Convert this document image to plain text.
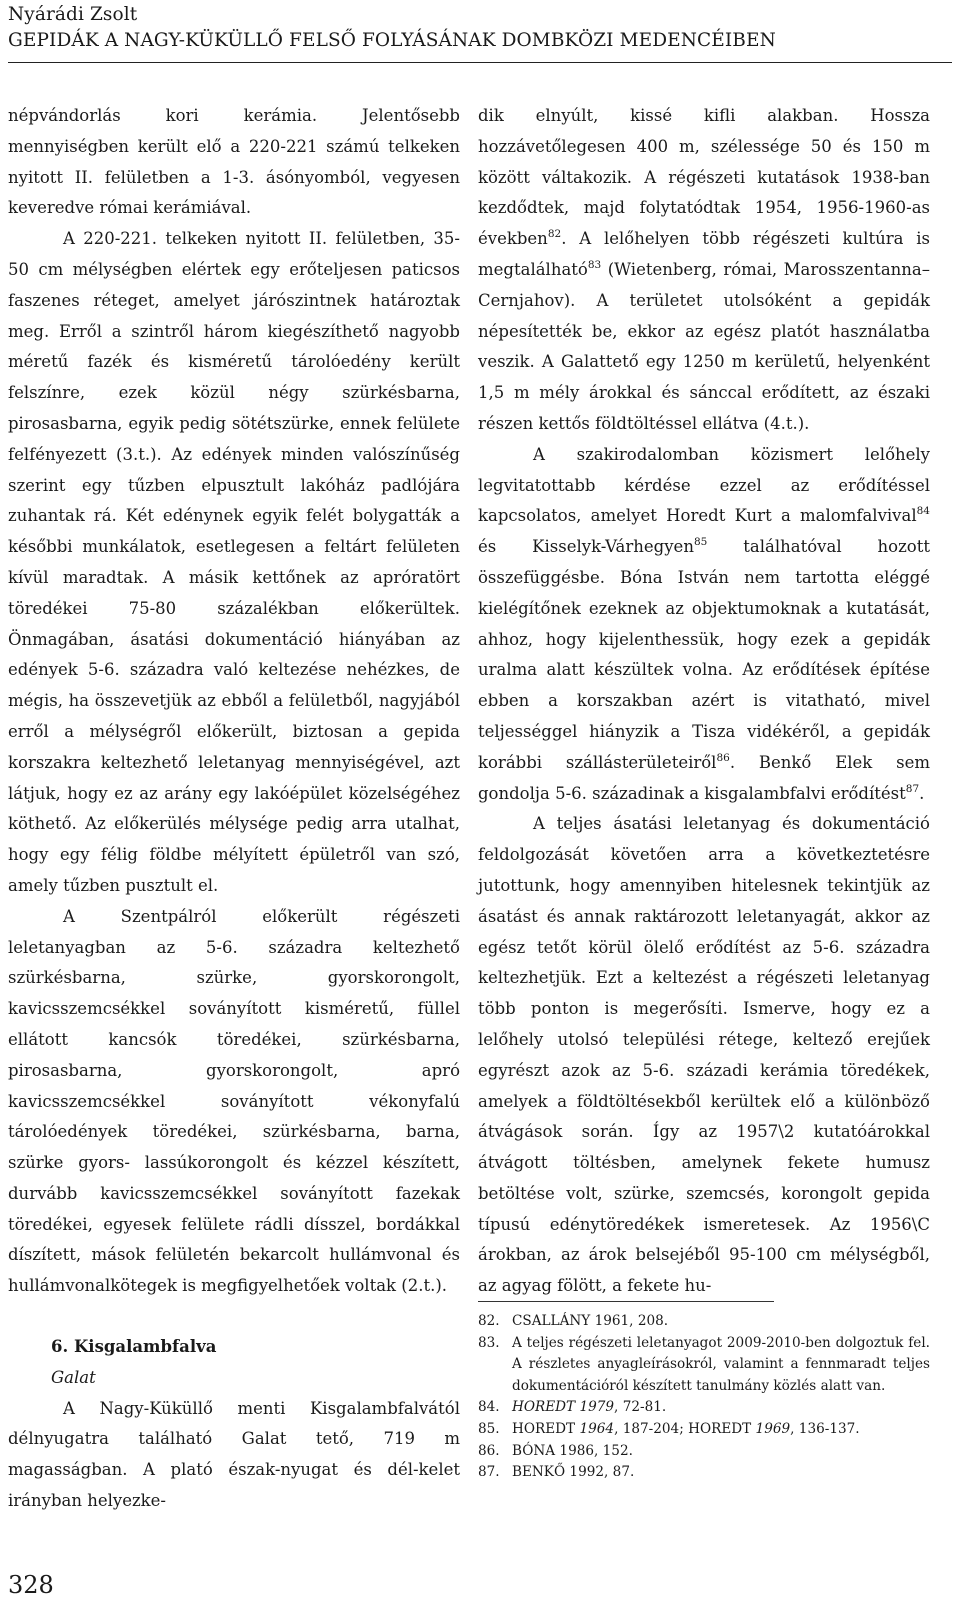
Nyárádi Zsolt
GEPIDÁK A NAGY-KÜKÜLLŐ FELSŐ FOLYÁSÁNAK DOMBKÖZI MEDENCÉIBEN

népvándorlás kori kerámia. Jelentősebb mennyiségben került elő a 220-221 számú telkeken nyitott II. felületben a 1-3. ásónyomból, vegyesen keveredve római kerámiával.

A 220-221. telkeken nyitott II. felületben, 35-50 cm mélységben elértek egy erőteljesen paticsos faszenes réteget, amelyet járószintnek határoztak meg. Erről a szintről három kiegészíthető nagyobb méretű fazék és kisméretű tárolóedény került felszínre, ezek közül négy szürkésbarna, pirosasbarna, egyik pedig sötétszürke, ennek felülete felfényezett (3.t.). Az edények minden valószínűség szerint egy tűzben elpusztult lakóház padlójára zuhantak rá. Két edénynek egyik felét bolygatták a későbbi munkálatok, esetlegesen a feltárt felületen kívül maradtak. A másik kettőnek az apróratört töredékei 75-80 százalékban előkerültek. Önmagában, ásatási dokumentáció hiányában az edények 5-6. századra való keltezése nehézkes, de mégis, ha összevetjük az ebből a felületből, nagyjából erről a mélységről előkerült, biztosan a gepida korszakra keltezhető leletanyag mennyiségével, azt látjuk, hogy ez az arány egy lakóépület közelségéhez köthető. Az előkerülés mélysége pedig arra utalhat, hogy egy félig földbe mélyített épületről van szó, amely tűzben pusztult el.

A Szentpálról előkerült régészeti leletanyagban az 5-6. századra keltezhető szürkésbarna, szürke, gyorskorongolt, kavicsszemcsékkel soványított kisméretű, füllel ellátott kancsók töredékei, szürkésbarna, pirosasbarna, gyorskorongolt, apró kavicsszemcsékkel soványított vékonyfalú tárolóedények töredékei, szürkésbarna, barna, szürke gyors- lassúkorongolt és kézzel készített, durvább kavicsszemcsékkel soványított fazekak töredékei, egyesek felülete rádli dísszel, bordákkal díszített, mások felületén bekarcolt hullámvonal és hullámvonalkötegek is megfigyelhetőek voltak (2.t.).

6. Kisgalambfalva

Galat

A Nagy-Küküllő menti Kisgalambfalvától délnyugatra található Galat tető, 719 m magasságban. A plató észak-nyugat és dél-kelet irányban helyezke-

dik elnyúlt, kissé kifli alakban. Hossza hozzávetőlegesen 400 m, szélessége 50 és 150 m között váltakozik. A régészeti kutatások 1938-ban kezdődtek, majd folytatódtak 1954, 1956-1960-as években$^{82}$. A lelőhelyen több régészeti kultúra is megtalálható$^{83}$ (Wietenberg, római, Marosszentanna–Cernjahov). A területet utolsóként a gepidák népesítették be, ekkor az egész platót használatba veszik. A Galattető egy 1250 m kerületű, helyenként 1,5 m mély árokkal és sánccal erődített, az északi részen kettős földtöltéssel ellátva (4.t.).

A szakirodalomban közismert lelőhely legvitatottabb kérdése ezzel az erődítéssel kapcsolatos, amelyet Horedt Kurt a malomfalvival$^{84}$ és Kisselyk-Várhegyen$^{85}$ találhatóval hozott összefüggésbe. Bóna István nem tartotta eléggé kielégítőnek ezeknek az objektumoknak a kutatását, ahhoz, hogy kijelenthessük, hogy ezek a gepidák uralma alatt készültek volna. Az erődítések építése ebben a korszakban azért is vitatható, mivel teljességgel hiányzik a Tisza vidékéről, a gepidák korábbi szállásterületeiről$^{86}$. Benkő Elek sem gondolja 5-6. századinak a kisgalambfalvi erődítést$^{87}$.

A teljes ásatási leletanyag és dokumentáció feldolgozását követően arra a következtetésre jutottunk, hogy amennyiben hitelesnek tekintjük az ásatást és annak raktározott leletanyagát, akkor az egész tetőt körül ölelő erődítést az 5-6. századra keltezhetjük. Ezt a keltezést a régészeti leletanyag több ponton is megerősíti. Ismerve, hogy ez a lelőhely utolsó települési rétege, keltező erejűek egyrészt azok az 5-6. századi kerámia töredékek, amelyek a földtöltésekből kerültek elő a különböző átvágások során. Így az 1957\2 kutatóárokkal átvágott töltésben, amelynek fekete humusz betöltése volt, szürke, szemcsés, korongolt gepida típusú edénytöredékek ismeretesek. Az 1956\C árokban, az árok belsejéből 95-100 cm mélységből, az agyag fölött, a fekete hu-

82. CSALLÁNY 1961, 208.
83. A teljes régészeti leletanyagot 2009-2010-ben dolgoztuk fel. A részletes anyagleírásokról, valamint a fennmaradt teljes dokumentációról készített tanulmány közlés alatt van.
84. HOREDT 1979, 72-81.
85. HOREDT 1964, 187-204; HOREDT 1969, 136-137.
86. BÓNA 1986, 152.
87. BENKŐ 1992, 87.
328
